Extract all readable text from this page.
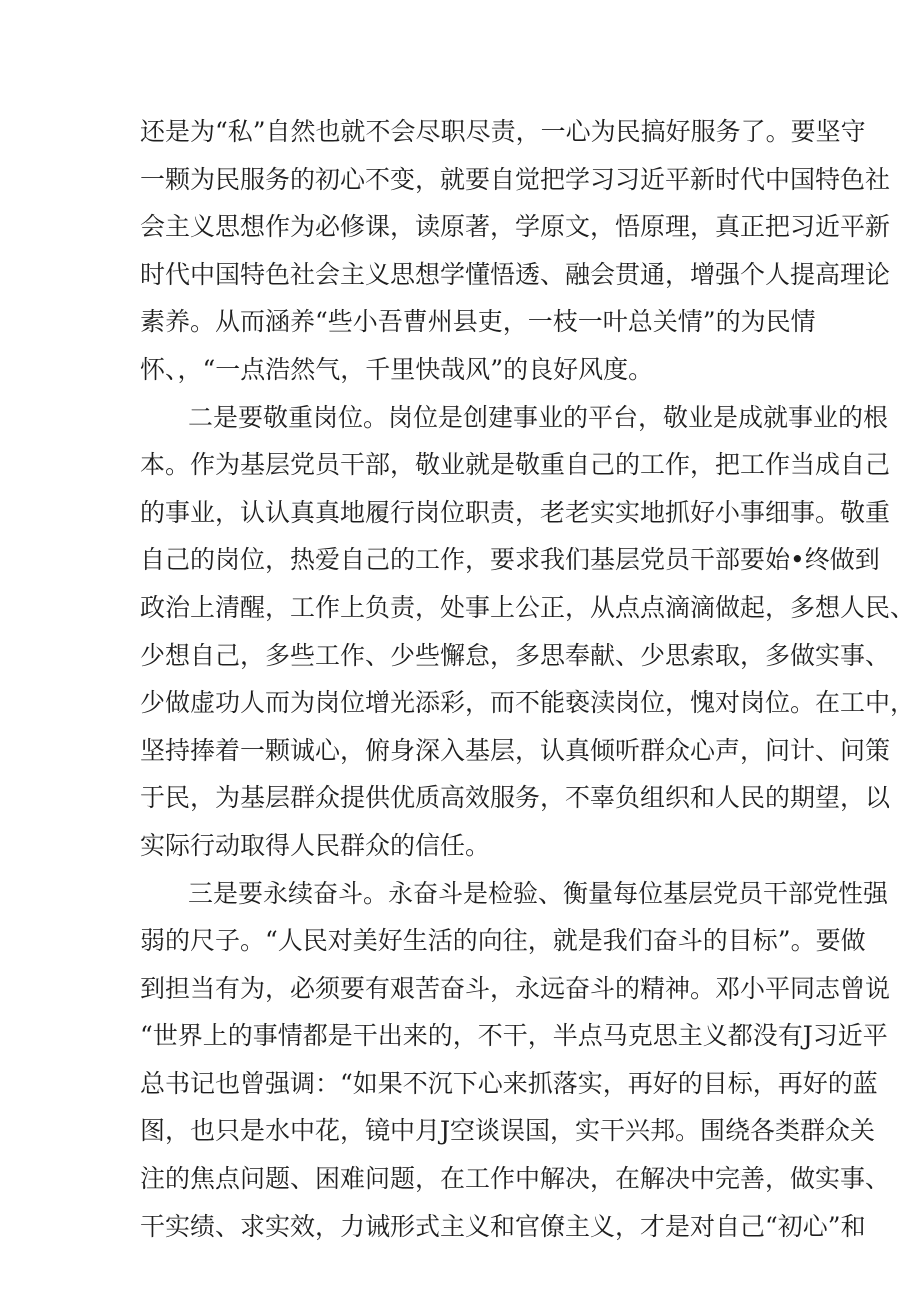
还是为“私”自然也就不会尽职尽责，一心为民搞好服务了。要坚守
一颗为民服务的初心不变，就要自觉把学习习近平新时代中国特色社
会主义思想作为必修课，读原著，学原文，悟原理，真正把习近平新
时代中国特色社会主义思想学懂悟透、融会贯通，增强个人提高理论
素养。从而涵养“些小吾曹州县吏，一枝一叶总关情”的为民情
怀、，“一点浩然气，千里快哉风”的良好风度。
二是要敬重岗位。岗位是创建事业的平台，敬业是成就事业的根
本。作为基层党员干部，敬业就是敬重自己的工作，把工作当成自己
的事业，认认真真地履行岗位职责，老老实实地抓好小事细事。敬重
自己的岗位，热爱自己的工作，要求我们基层党员干部要始•终做到
政治上清醒，工作上负责，处事上公正，从点点滴滴做起，多想人民、
少想自己，多些工作、少些懈怠，多思奉献、少思索取，多做实事、
少做虚功人而为岗位增光添彩，而不能亵渎岗位，愧对岗位。在工中，
坚持捧着一颗诚心，俯身深入基层，认真倾听群众心声，问计、问策
于民，为基层群众提供优质高效服务，不辜负组织和人民的期望，以
实际行动取得人民群众的信任。
三是要永续奋斗。永奋斗是检验、衡量每位基层党员干部党性强
弱的尺子。“人民对美好生活的向往，就是我们奋斗的目标”。要做
到担当有为，必须要有艰苦奋斗，永远奋斗的精神。邓小平同志曾说
“世界上的事情都是干出来的，不干，半点马克思主义都没有J习近平
总书记也曾强调：“如果不沉下心来抓落实，再好的目标，再好的蓝
图，也只是水中花，镜中月J空谈误国，实干兴邦。围绕各类群众关
注的焦点问题、困难问题，在工作中解决，在解决中完善，做实事、
干实绩、求实效，力诫形式主义和官僚主义，才是对自己“初心”和
